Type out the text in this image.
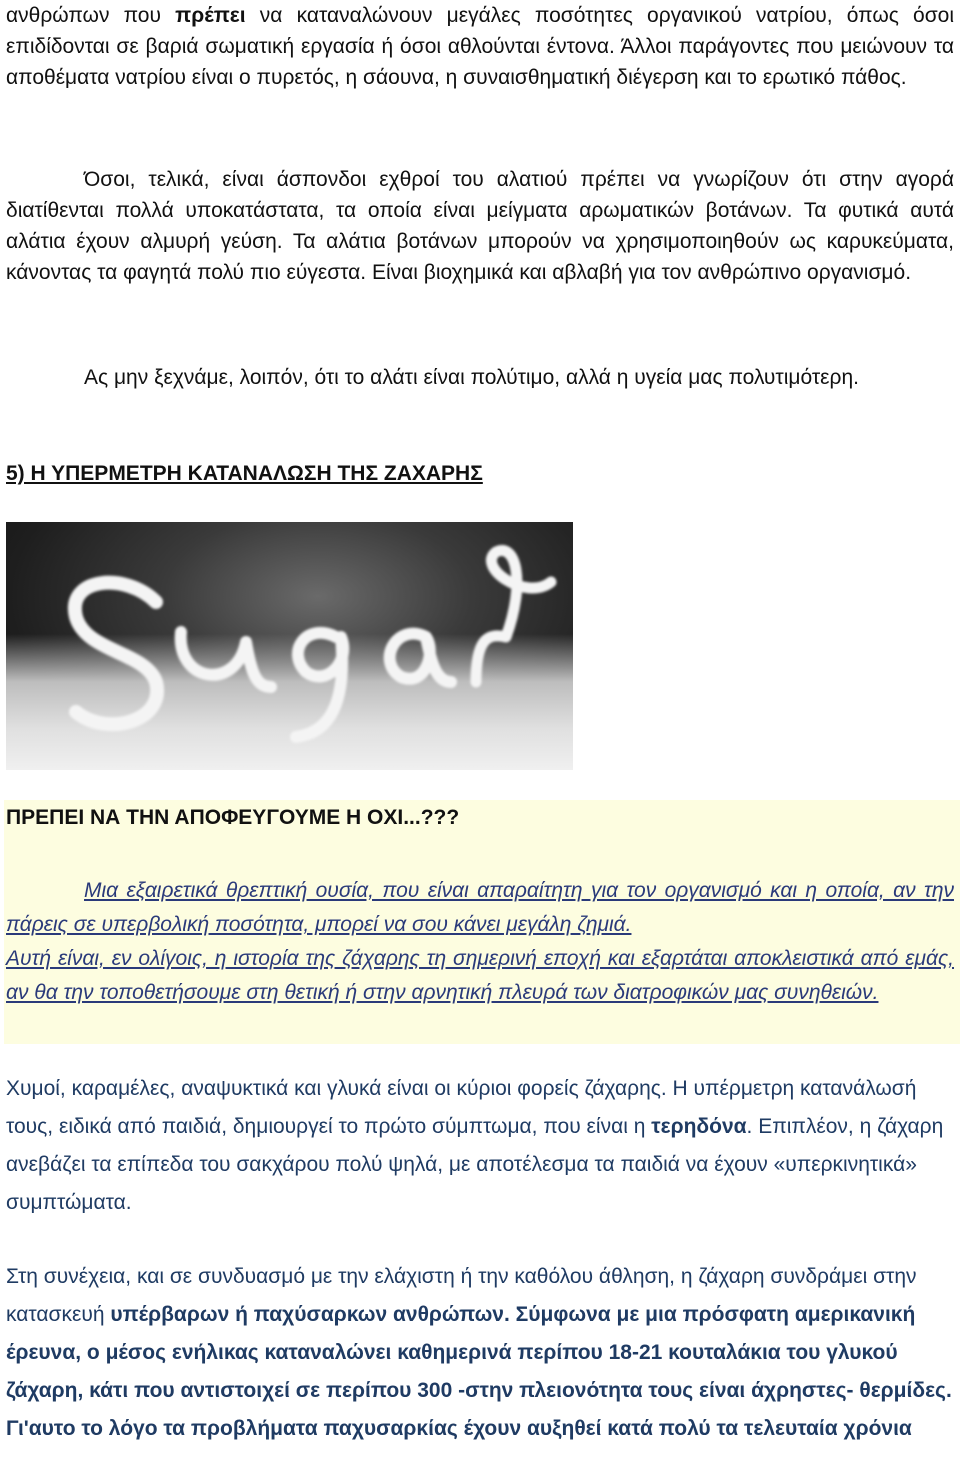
ανθρώπων που πρέπει να καταναλώνουν μεγάλες ποσότητες οργανικού νατρίου, όπως όσοι επιδίδονται σε βαριά σωματική εργασία ή όσοι αθλούνται έντονα. Άλλοι παράγοντες που μειώνουν τα αποθέματα νατρίου είναι ο πυρετός, η σάουνα, η συναισθηματική διέγερση και το ερωτικό πάθος.

Όσοι, τελικά, είναι άσπονδοι εχθροί του αλατιού πρέπει να γνωρίζουν ότι στην αγορά διατίθενται πολλά υποκατάστατα, τα οποία είναι μείγματα αρωματικών βοτάνων. Τα φυτικά αυτά αλάτια έχουν αλμυρή γεύση. Τα αλάτια βοτάνων μπορούν να χρησιμοποιηθούν ως καρυκεύματα, κάνοντας τα φαγητά πολύ πιο εύγεστα. Είναι βιοχημικά και αβλαβή για τον ανθρώπινο οργανισμό.

Ας μην ξεχνάμε, λοιπόν, ότι το αλάτι είναι πολύτιμο, αλλά η υγεία μας πολυτιμότερη.

5) Η ΥΠΕΡΜΕΤΡΗ ΚΑΤΑΝΑΛΩΣΗ ΤΗΣ ΖΑΧΑΡΗΣ

ΠΡΕΠΕΙ ΝΑ ΤΗΝ ΑΠΟΦΕΥΓΟΥΜΕ Η ΟΧΙ...???

Μια εξαιρετικά θρεπτική ουσία, που είναι απαραίτητη για τον οργανισμό και η οποία, αν την πάρεις σε υπερβολική ποσότητα, μπορεί να σου κάνει μεγάλη ζημιά.

Αυτή είναι, εν ολίγοις, η ιστορία της ζάχαρης τη σημερινή εποχή και εξαρτάται αποκλειστικά από εμάς, αν θα την τοποθετήσουμε στη θετική ή στην αρνητική πλευρά των διατροφικών μας συνηθειών.

Χυμοί, καραμέλες, αναψυκτικά και γλυκά είναι οι κύριοι φορείς ζάχαρης. Η υπέρμετρη κατανάλωσή τους, ειδικά από παιδιά, δημιουργεί το πρώτο σύμπτωμα, που είναι η τερηδόνα. Επιπλέον, η ζάχαρη ανεβάζει τα επίπεδα του σακχάρου πολύ ψηλά, με αποτέλεσμα τα παιδιά να έχουν «υπερκινητικά» συμπτώματα.

Στη συνέχεια, και σε συνδυασμό με την ελάχιστη ή την καθόλου άθληση, η ζάχαρη συνδράμει στην κατασκευή υπέρβαρων ή παχύσαρκων ανθρώπων. Σύμφωνα με μια πρόσφατη αμερικανική έρευνα, ο μέσος ενήλικας καταναλώνει καθημερινά περίπου 18-21 κουταλάκια του γλυκού ζάχαρη, κάτι που αντιστοιχεί σε περίπου 300 -στην πλειονότητα τους είναι άχρηστες- θερμίδες. Γι'αυτο το λόγο τα προβλήματα παχυσαρκίας έχουν αυξηθεί κατά πολύ τα τελευταία χρόνια
